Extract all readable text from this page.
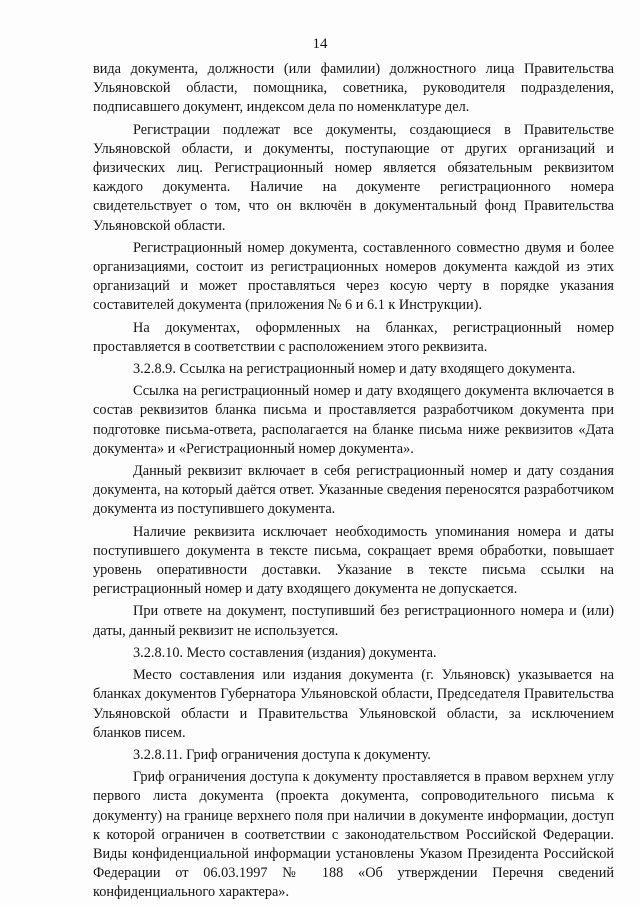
14

вида документа, должности (или фамилии) должностного лица Правительства Ульяновской области, помощника, советника, руководителя подразделения, подписавшего документ, индексом дела по номенклатуре дел.

Регистрации подлежат все документы, создающиеся в Правительстве Ульяновской области, и документы, поступающие от других организаций и физических лиц. Регистрационный номер является обязательным реквизитом каждого документа. Наличие на документе регистрационного номера свидетельствует о том, что он включён в документальный фонд Правительства Ульяновской области.

Регистрационный номер документа, составленного совместно двумя и более организациями, состоит из регистрационных номеров документа каждой из этих организаций и может проставляться через косую черту в порядке указания составителей документа (приложения № 6 и 6.1 к Инструкции).

На документах, оформленных на бланках, регистрационный номер проставляется в соответствии с расположением этого реквизита.

3.2.8.9. Ссылка на регистрационный номер и дату входящего документа.

Ссылка на регистрационный номер и дату входящего документа включается в состав реквизитов бланка письма и проставляется разработчиком документа при подготовке письма-ответа, располагается на бланке письма ниже реквизитов «Дата документа» и «Регистрационный номер документа».

Данный реквизит включает в себя регистрационный номер и дату создания документа, на который даётся ответ. Указанные сведения переносятся разработчиком документа из поступившего документа.

Наличие реквизита исключает необходимость упоминания номера и даты поступившего документа в тексте письма, сокращает время обработки, повышает уровень оперативности доставки. Указание в тексте письма ссылки на регистрационный номер и дату входящего документа не допускается.

При ответе на документ, поступивший без регистрационного номера и (или) даты, данный реквизит не используется.

3.2.8.10. Место составления (издания) документа.

Место составления или издания документа (г. Ульяновск) указывается на бланках документов Губернатора Ульяновской области, Председателя Правительства Ульяновской области и Правительства Ульяновской области, за исключением бланков писем.

3.2.8.11. Гриф ограничения доступа к документу.

Гриф ограничения доступа к документу проставляется в правом верхнем углу первого листа документа (проекта документа, сопроводительного письма к документу) на границе верхнего поля при наличии в документе информации, доступ к которой ограничен в соответствии с законодательством Российской Федерации. Виды конфиденциальной информации установлены Указом Президента Российской Федерации от 06.03.1997 № 188 «Об утверждении Перечня сведений конфиденциального характера».
